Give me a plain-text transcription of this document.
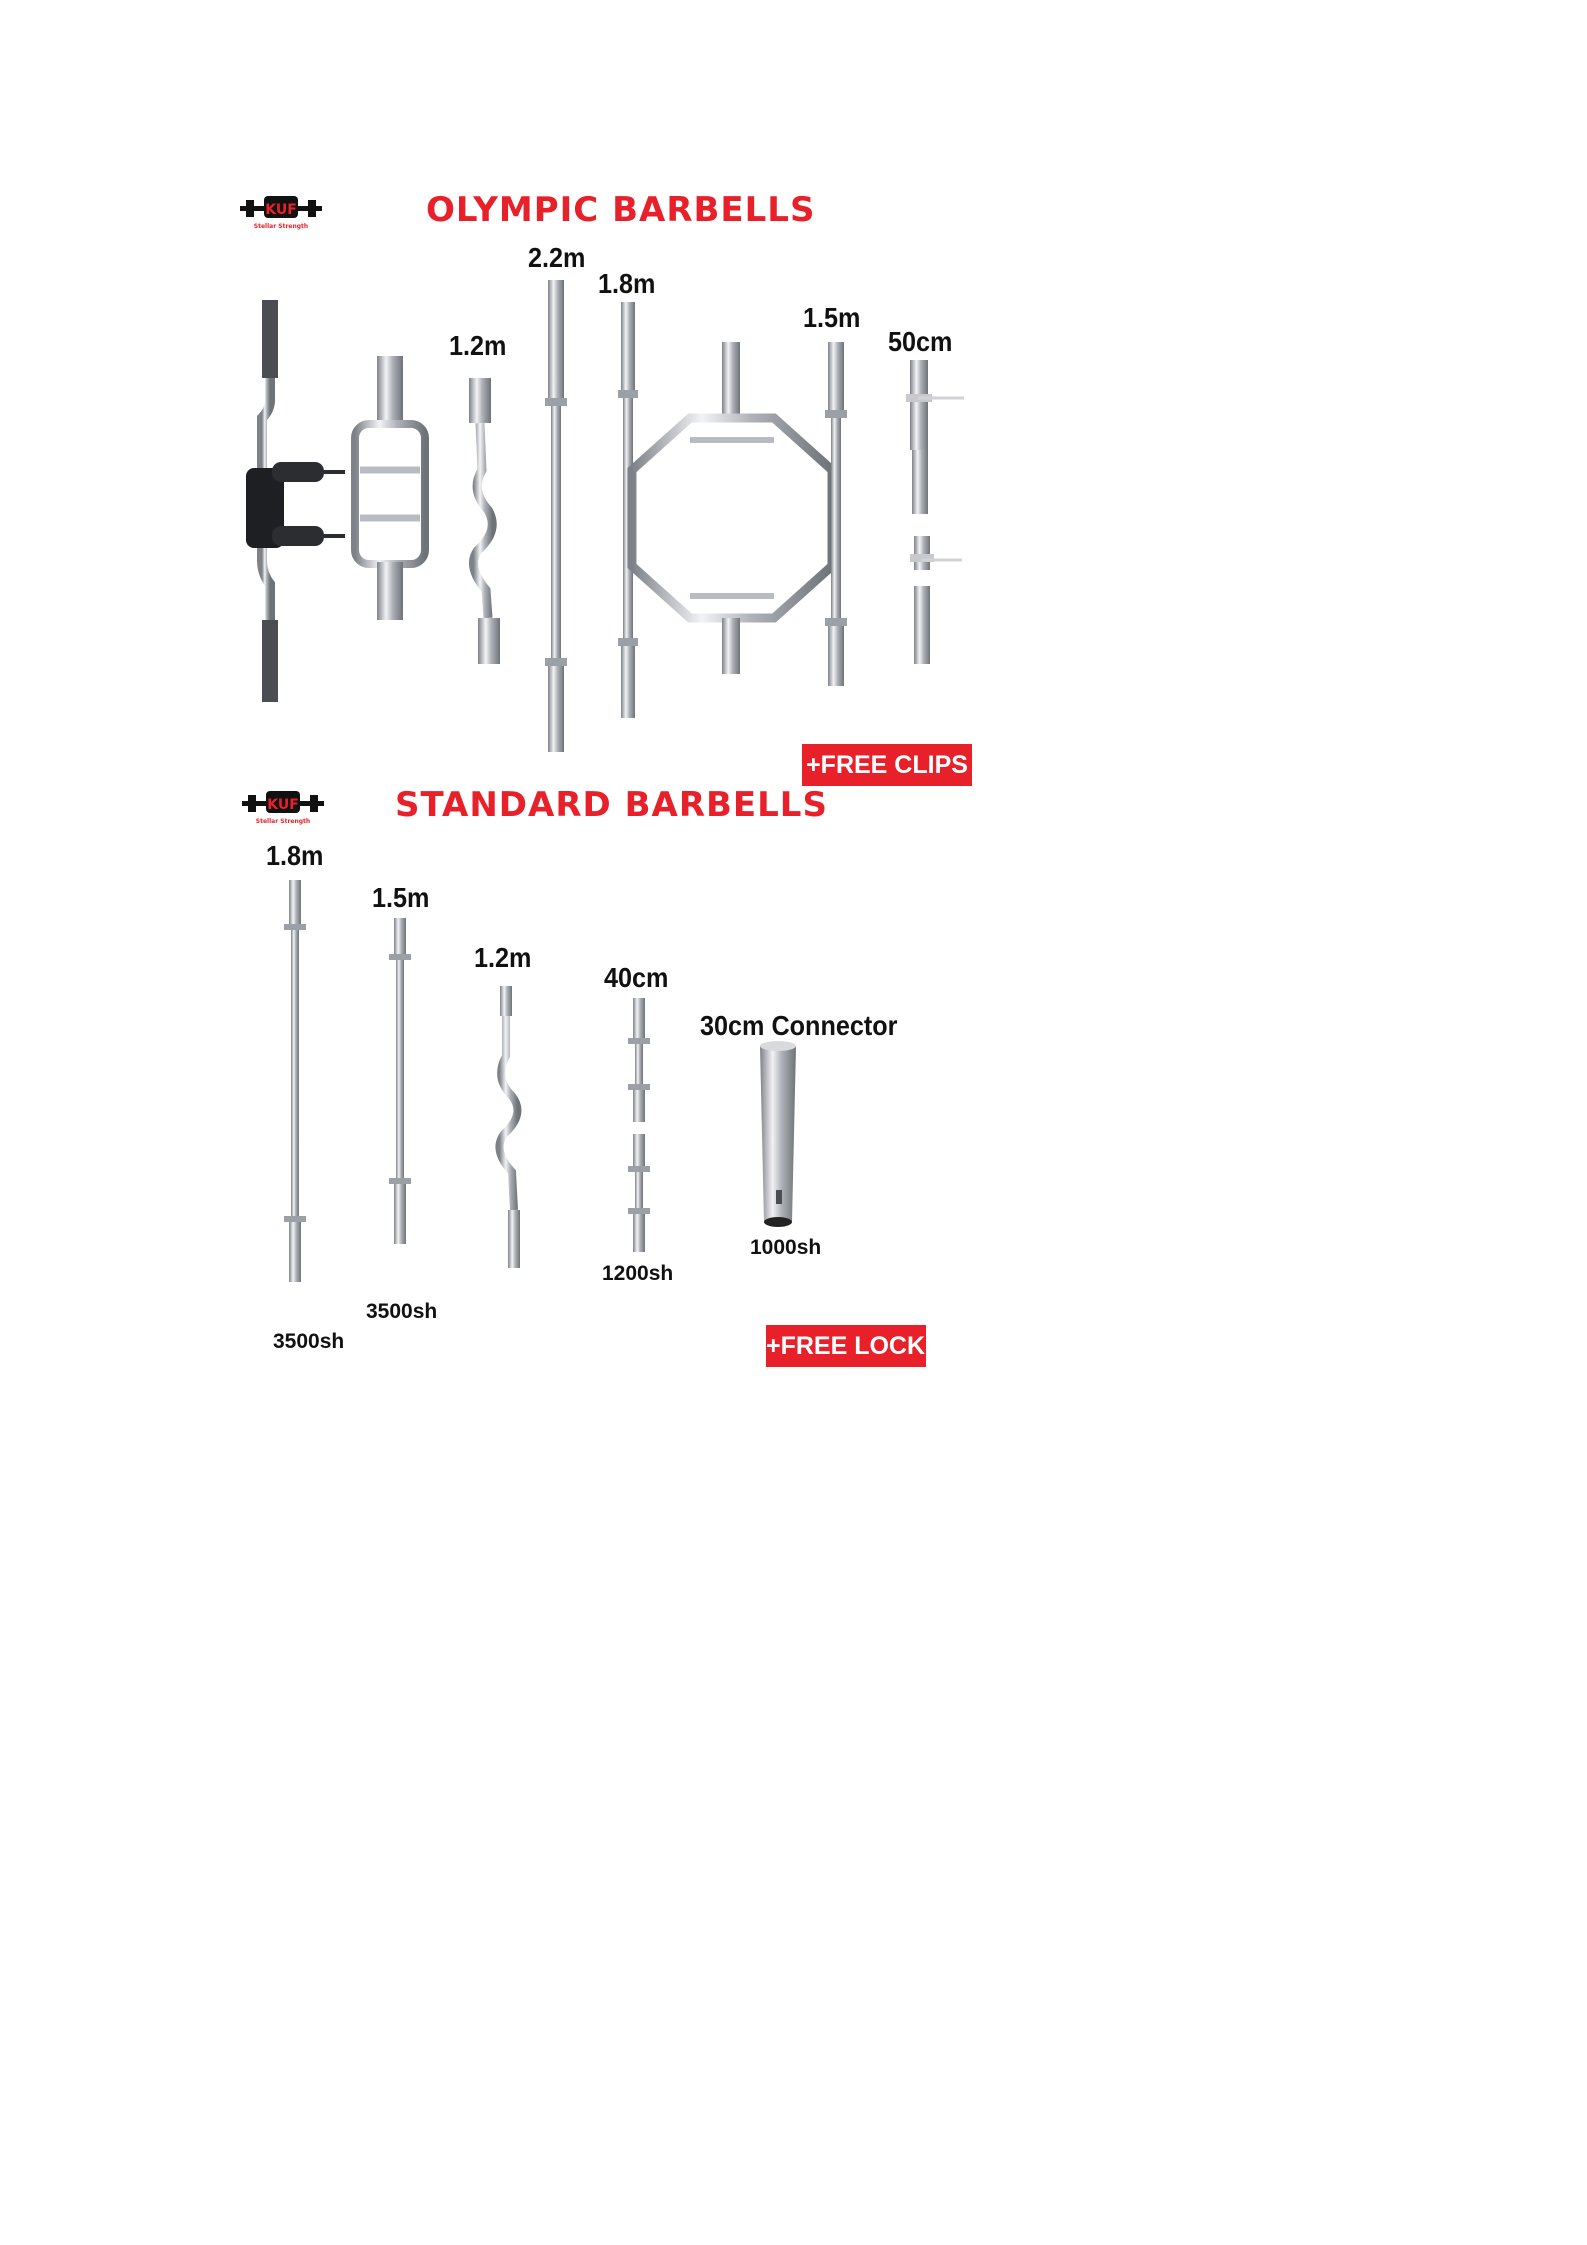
KUF
Stellar Strength	OLYMPIC BARBELLS
1.2m
2.2m
1.8m
1.5m
50cm
+FREE CLIPS
KUF
Stellar Strength STANDARD BARBELLS
1.8m
1.5m
1.2m
40cm
30cm Connector
3500sh
3500sh
1200sh
1000sh
+FREE LOCKS
